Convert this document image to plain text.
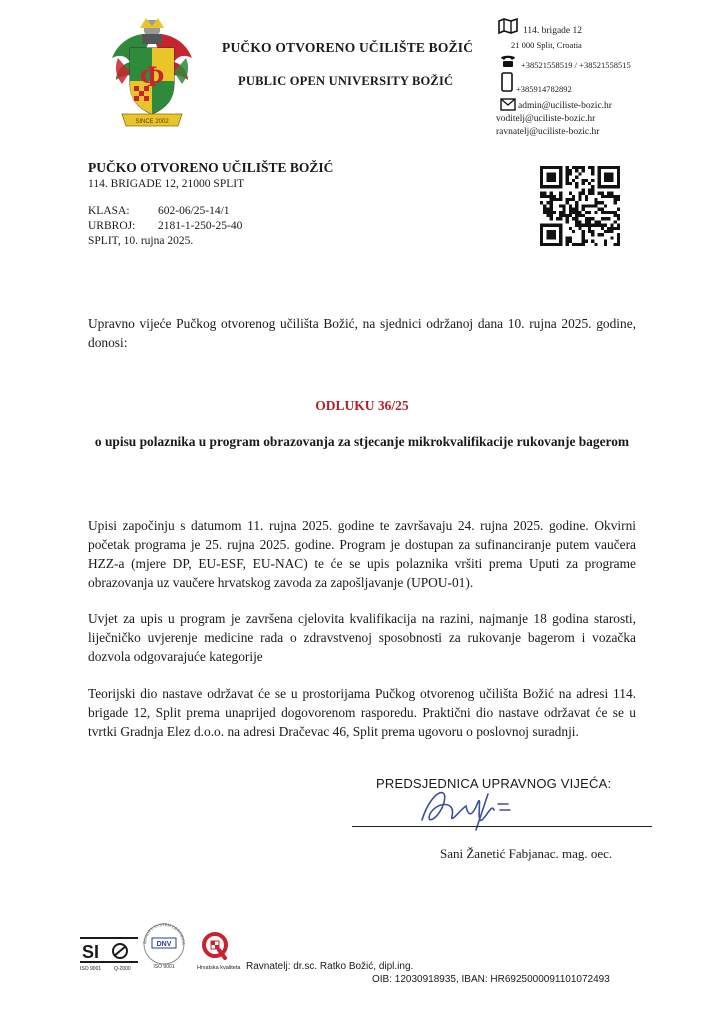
Φ
SINCE 2002
PUČKO OTVORENO UČILIŠTE BOŽIĆ
PUBLIC OPEN UNIVERSITY BOŽIĆ
114. brigade 12
21 000 Split, Croatia
+38521558519 / +38521558515
+385914782892
admin@uciliste-bozic.hr
voditelj@uciliste-bozic.hr
ravnatelj@uciliste-bozic.hr
PUČKO OTVORENO UČILIŠTE BOŽIĆ
114. BRIGADE 12, 21000 SPLIT
KLASA:	602-06/25-14/1
URBROJ:	2181-1-250-25-40
SPLIT, 10. rujna 2025.	
Upravno vijeće Pučkog otvorenog učilišta Božić, na sjednici održanoj dana 10. rujna 2025. godine, donosi:
ODLUKU 36/25
o upisu polaznika u program obrazovanja za stjecanje mikrokvalifikacije rukovanje bagerom
Upisi započinju s datumom 11. rujna 2025. godine te završavaju 24. rujna 2025. godine. Okvirni početak programa je 25. rujna 2025. godine. Program je dostupan za sufinanciranje putem vaučera HZZ-a (mjere DP, EU-ESF, EU-NAC) te će se upis polaznika vršiti prema Uputi za programe obrazovanja uz vaučere hrvatskog zavoda za zapošljavanje (UPOU-01).
Uvjet za upis u program je završena cjelovita kvalifikacija na razini, najmanje 18 godina starosti, liječničko uvjerenje medicine rada o zdravstvenoj sposobnosti za rukovanje bagerom i vozačka dozvola odgovarajuće kategorije
Teorijski dio nastave održavat će se u prostorijama Pučkog otvorenog učilišta Božić na adresi 114. brigade 12, Split prema unaprijed dogovorenom rasporedu. Praktični dio nastave održavat će se u tvrtki Gradnja Elez d.o.o. na adresi Dračevac 46, Split prema ugovoru o poslovnoj suradnji.
PREDSJEDNICA UPRAVNOG VIJEĆA:
Sani Žanetić Fabjanac. mag. oec.
SI
ISO 9001	Q-2000
QUALITY SYSTEM CERTIFICA
DNV
ISO 9001	Hrvatska kvaliteta Ravnatelj: dr.sc. Ratko Božić, dipl.ing.
OIB: 12030918935, IBAN: HR6925000091101072493
